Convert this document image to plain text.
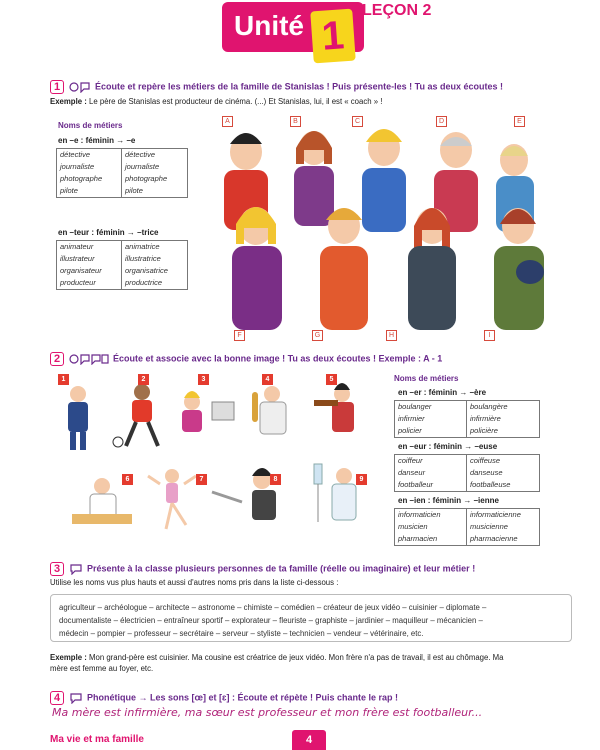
Unité 1
LEÇON 2
1	Écoute et repère les métiers de la famille de Stanislas ! Puis présente-les ! Tu as deux écoutes !
Exemple : Le père de Stanislas est producteur de cinéma. (...) Et Stanislas, lui, il est « coach » !
Noms de métiers
en –e : féminin → –e
détective	détective
journaliste	journaliste
photographe	photographe
pilote	pilote
en –teur : féminin → –trice
animateur	animatrice
illustrateur	illustratrice
organisateur	organisatrice
producteur	productrice
A	B	C	D	E
F	G	H	I
2	Écoute et associe avec la bonne image ! Tu as deux écoutes ! Exemple : A - 1
1	2	3	4	5
6	7	8	9
Noms de métiers
en –er : féminin → –ère
boulanger	boulangère
infirmier	infirmière
policier	policière
en –eur : féminin → –euse
coiffeur	coiffeuse
danseur	danseuse
footballeur	footballeuse
en –ien : féminin → –ienne
informaticien	informaticienne
musicien	musicienne
pharmacien	pharmacienne
3	Présente à la classe plusieurs personnes de ta famille (réelle ou imaginaire) et leur métier !
Utilise les noms vus plus hauts et aussi d'autres noms pris dans la liste ci-dessous :
agriculteur – archéologue – architecte – astronome – chimiste – comédien – créateur de jeux vidéo – cuisinier – diplomate –
documentaliste – électricien – entraîneur sportif – explorateur – fleuriste – graphiste – jardinier – maquilleur – mécanicien –
médecin – pompier – professeur – secrétaire – serveur – styliste – technicien – vendeur – vétérinaire, etc.
Exemple : Mon grand-père est cuisinier. Ma cousine est créatrice de jeux vidéo. Mon frère n'a pas de travail, il est au chômage. Ma
mère est femme au foyer, etc.
4	Phonétique → Les sons [œ] et [ɛ] : Écoute et répète ! Puis chante le rap !
Ma mère est infirmière, ma sœur est professeur et mon frère est footballeur...
Ma vie et ma famille	4
